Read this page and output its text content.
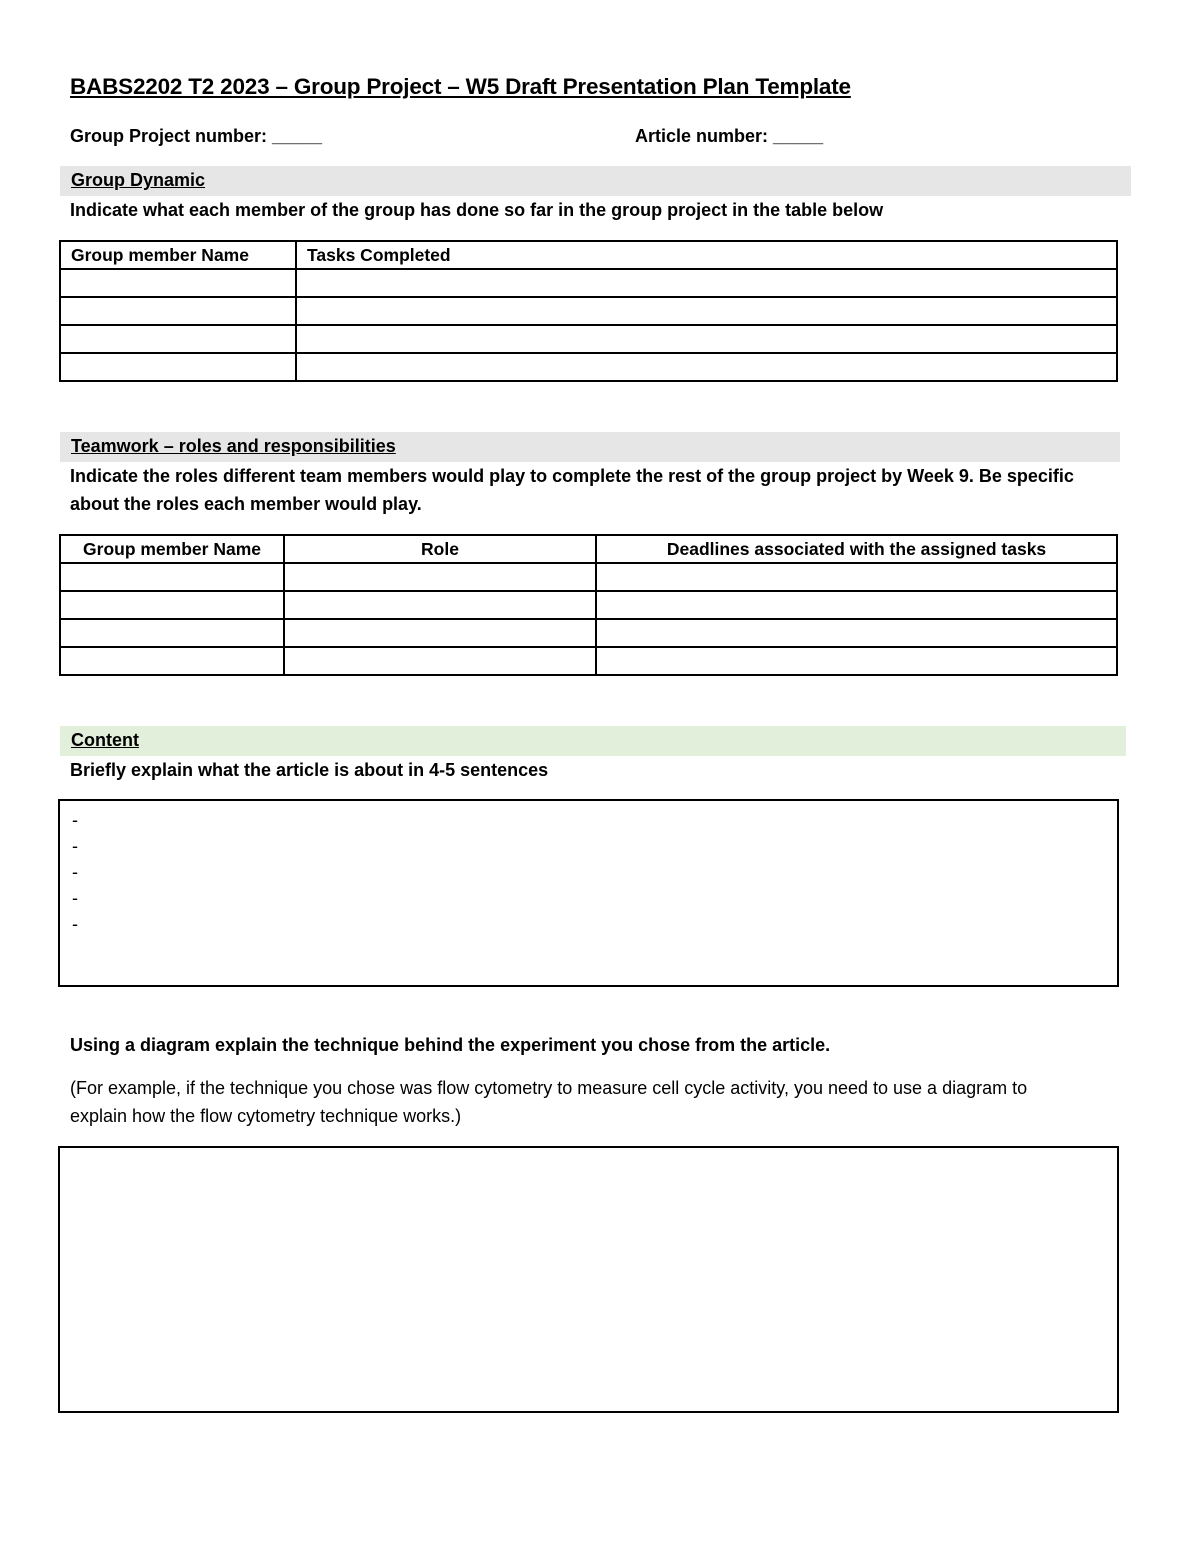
BABS2202 T2 2023 – Group Project – W5 Draft Presentation Plan Template
Group Project number: _____	Article number: _____
Group Dynamic
Indicate what each member of the group has done so far in the group project in the table below
Group member Name	Tasks Completed

Teamwork – roles and responsibilities
Indicate the roles different team members would play to complete the rest of the group project by Week 9. Be specific
about the roles each member would play.
Group member Name	Role	Deadlines associated with the assigned tasks

Content
Briefly explain what the article is about in 4-5 sentences
-
-
-
-
-
Using a diagram explain the technique behind the experiment you chose from the article.
(For example, if the technique you chose was flow cytometry to measure cell cycle activity, you need to use a diagram to
explain how the flow cytometry technique works.)
